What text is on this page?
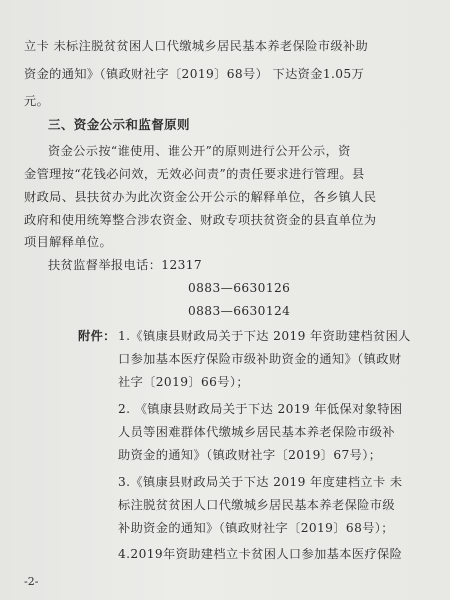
立卡 未标注脱贫贫困人口代缴城乡居民基本养老保险市级补助
资金的通知》（镇政财社字〔2019〕68号） 下达资金1.05万
元。
三、资金公示和监督原则
资金公示按“谁使用、谁公开”的原则进行公开公示，资
金管理按“花钱必问效，无效必问责”的责任要求进行管理。县
财政局、县扶贫办为此次资金公开公示的解释单位，各乡镇人民
政府和使用统筹整合涉农资金、财政专项扶贫资金的县直单位为
项目解释单位。
扶贫监督举报电话：12317
0883—6630126
0883—6630124
附件： 1.《镇康县财政局关于下达 2019 年资助建档贫困人
口参加基本医疗保险市级补助资金的通知》（镇政财
社字〔2019〕66号）；
2. 《镇康县财政局关于下达 2019 年低保对象特困
人员等困难群体代缴城乡居民基本养老保险市级补
助资金的通知》（镇政财社字〔2019〕67号）；
3.《镇康县财政局关于下达 2019 年度建档立卡 未
标注脱贫贫困人口代缴城乡居民基本养老保险市级
补助资金的通知》（镇政财社字〔2019〕68号）；
4.2019年资助建档立卡贫困人口参加基本医疗保险
-2-
